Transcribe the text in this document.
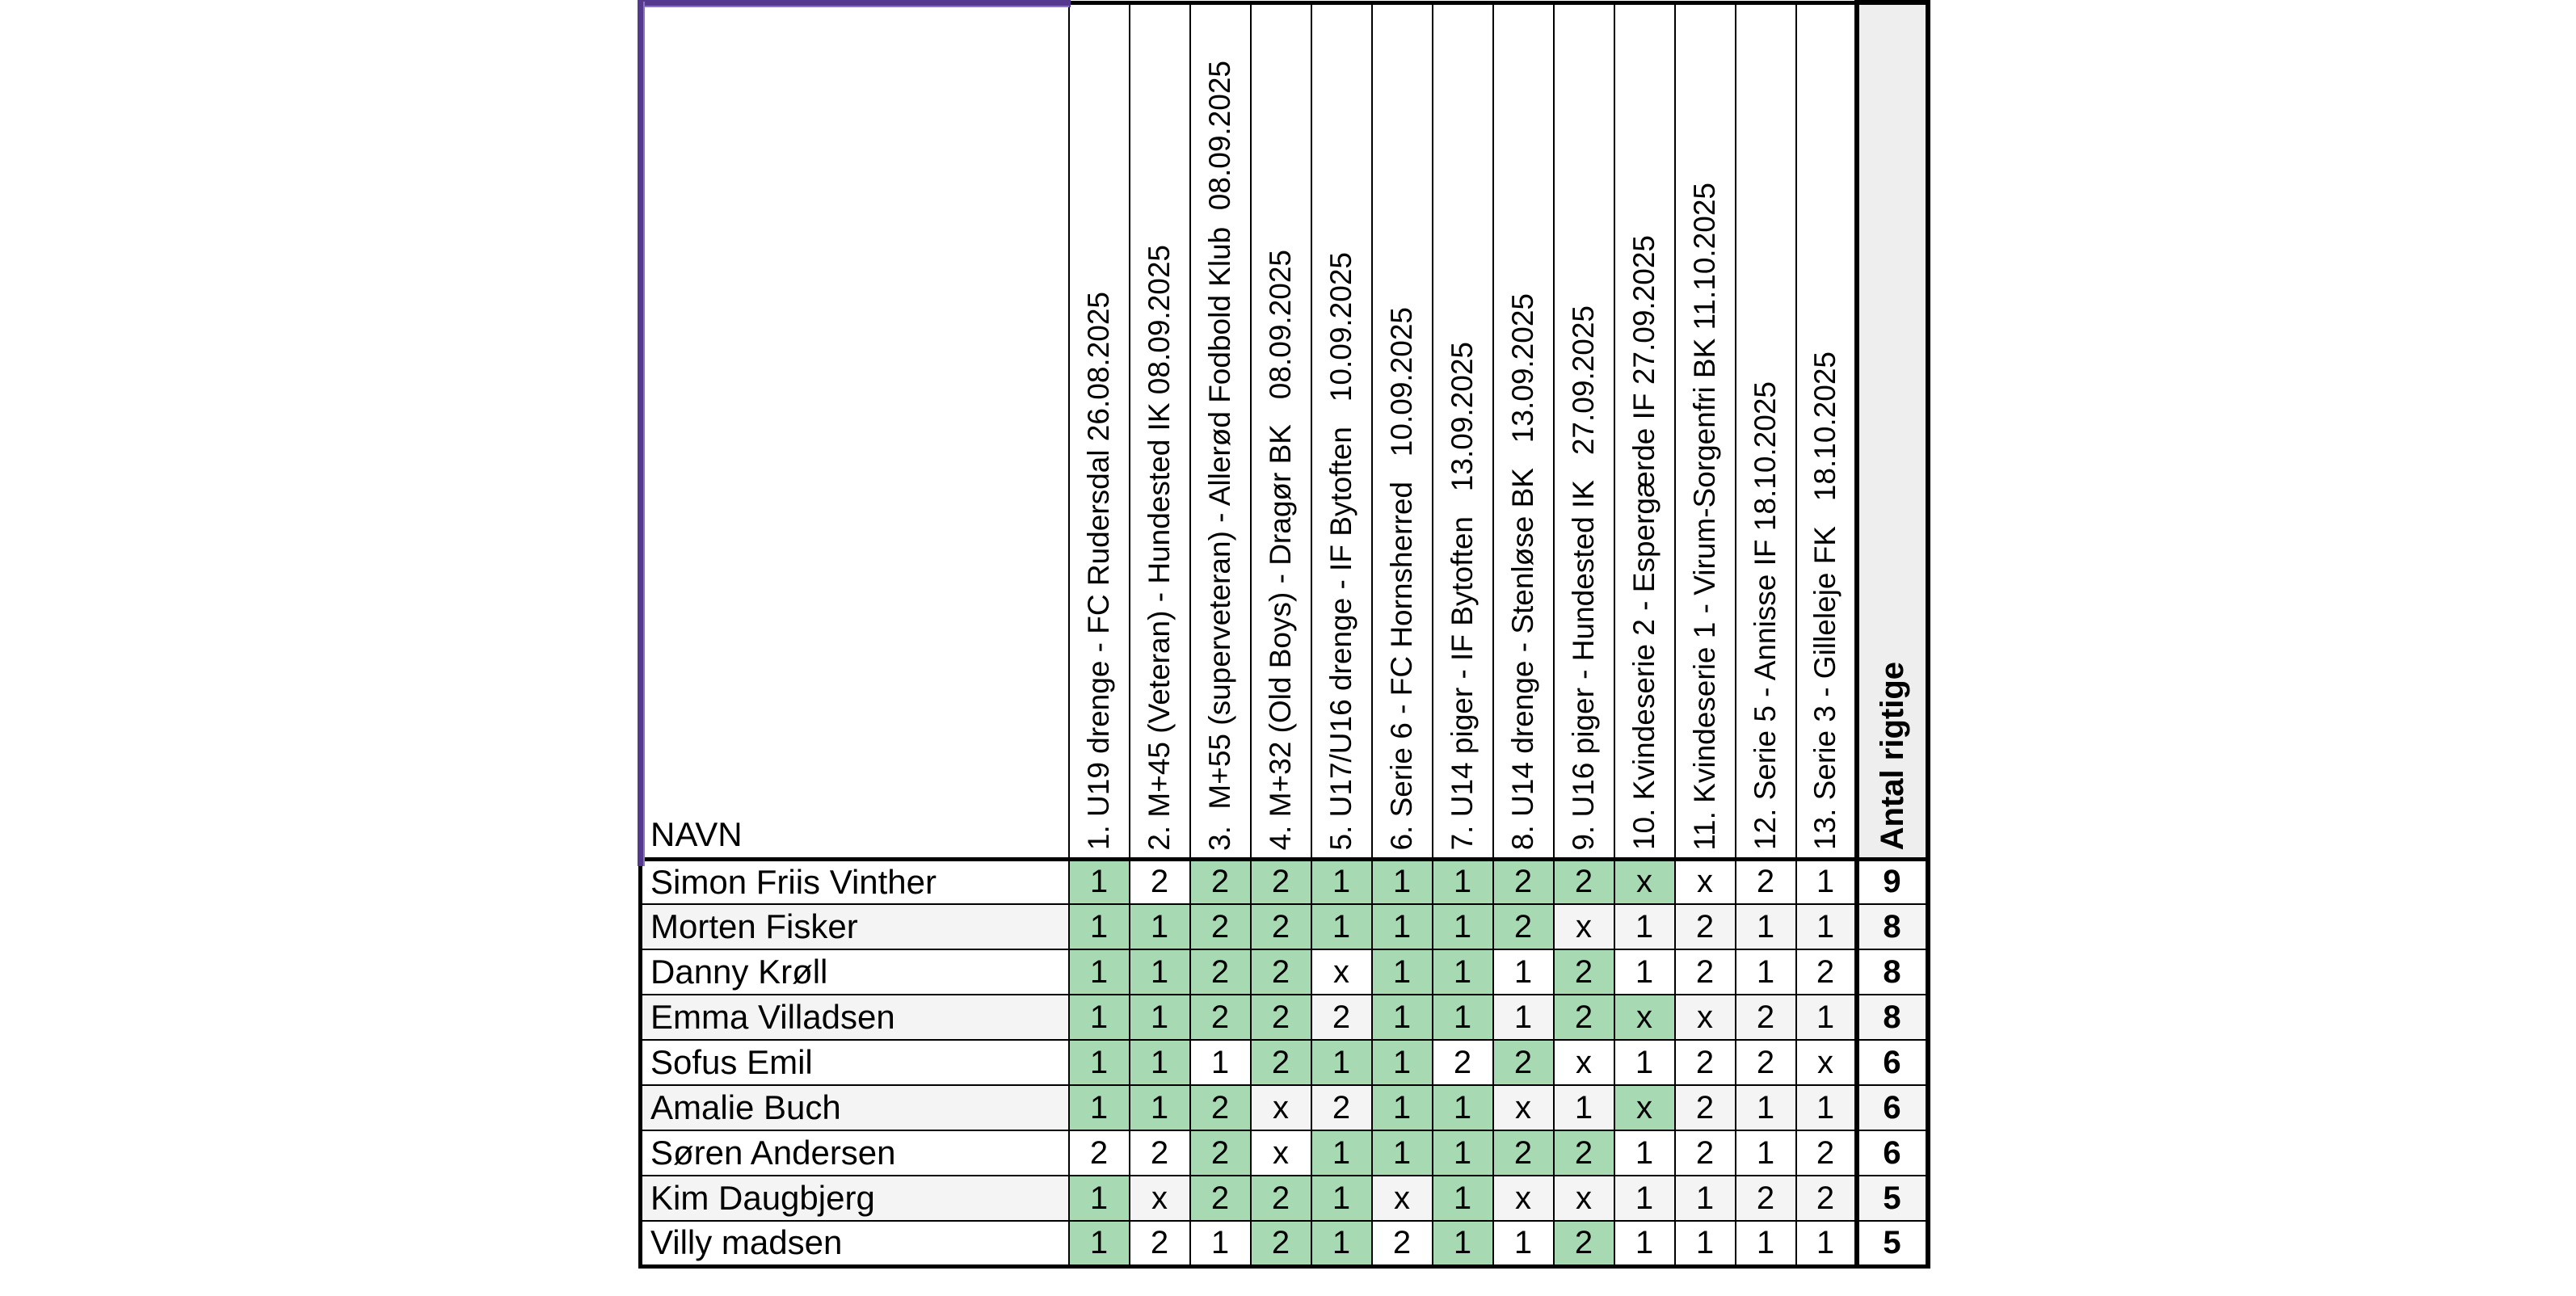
NAVN	1. U19 drenge - FC Rudersdal 26.08.2025	2. M+45 (Veteran) - Hundested IK 08.09.2025	3.  M+55 (superveteran) - Allerød Fodbold Klub  08.09.2025	4. M+32 (Old Boys) - Dragør BK   08.09.2025	5. U17/U16 drenge - IF Bytoften   10.09.2025	6. Serie 6 - FC Hornsherred   10.09.2025	7. U14 piger - IF Bytoften   13.09.2025	8. U14 drenge - Stenløse BK   13.09.2025	9. U16 piger - Hundested IK   27.09.2025	10. Kvindeserie 2 - Espergærde IF 27.09.2025	11. Kvindeserie 1 - Virum-Sorgenfri BK 11.10.2025	12. Serie 5 - Annisse IF 18.10.2025	13. Serie 3 - Gilleleje FK   18.10.2025	Antal rigtige

Simon Friis Vinther	1	2	2	2	1	1	1	2	2	x	x	2	1	9
Morten Fisker	1	1	2	2	1	1	1	2	x	1	2	1	1	8
Danny Krøll	1	1	2	2	x	1	1	1	2	1	2	1	2	8
Emma Villadsen	1	1	2	2	2	1	1	1	2	x	x	2	1	8
Sofus Emil	1	1	1	2	1	1	2	2	x	1	2	2	x	6
Amalie Buch	1	1	2	x	2	1	1	x	1	x	2	1	1	6
Søren Andersen	2	2	2	x	1	1	1	2	2	1	2	1	2	6
Kim Daugbjerg	1	x	2	2	1	x	1	x	x	1	1	2	2	5
Villy madsen	1	2	1	2	1	2	1	1	2	1	1	1	1	5
